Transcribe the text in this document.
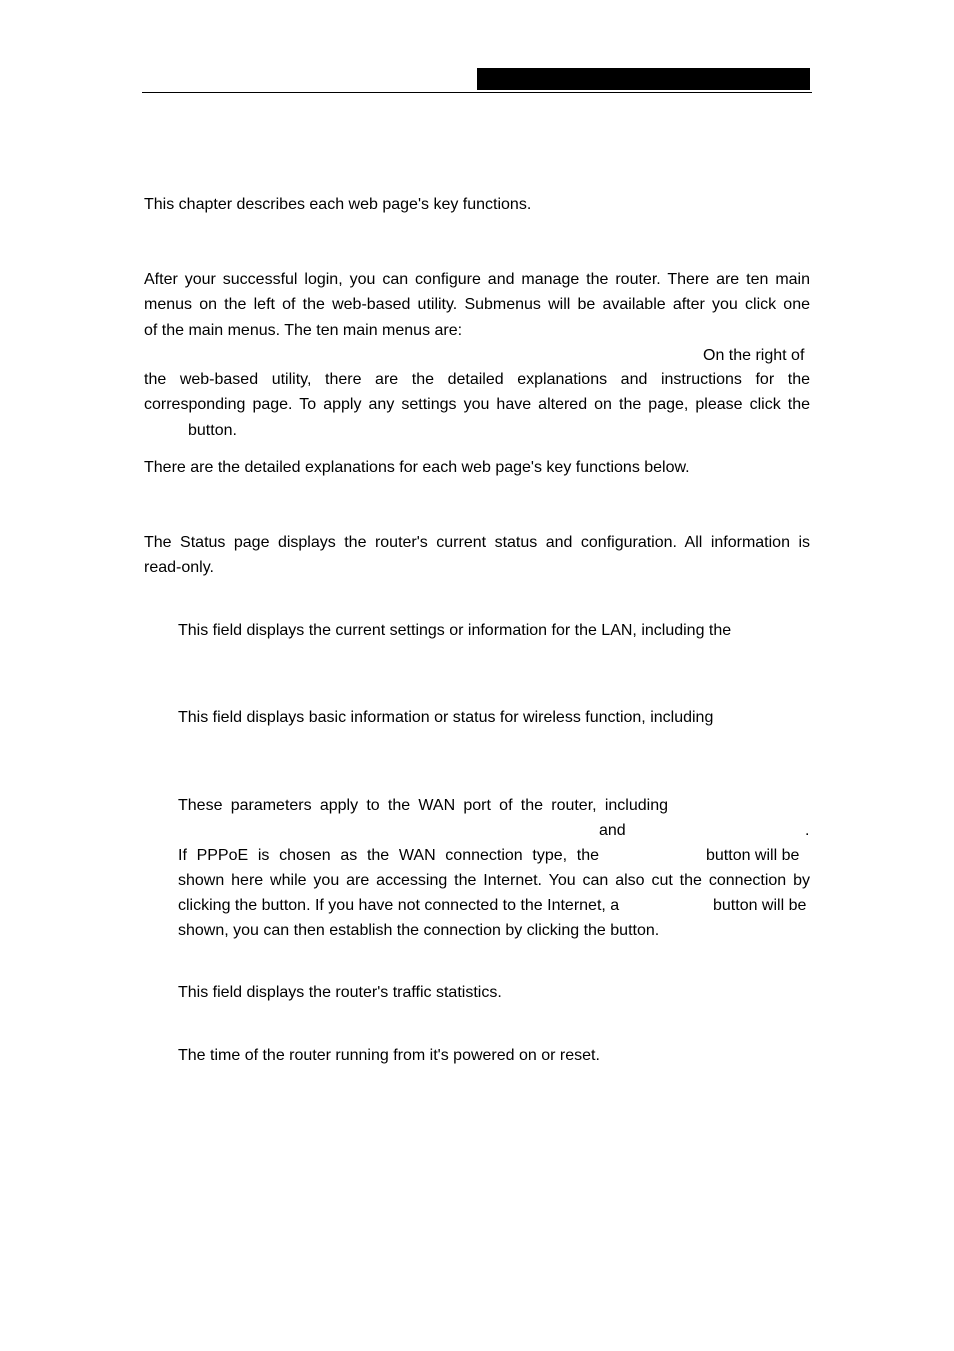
This chapter describes each web page's key functions.
After your successful login, you can configure and manage the router. There are ten main
menus on the left of the web-based utility. Submenus will be available after you click one
of the main menus. The ten main menus are:
On the right of
the web-based utility, there are the detailed explanations and instructions for the
corresponding page. To apply any settings you have altered on the page, please click the
button.
There are the detailed explanations for each web page's key functions below.
The Status page displays the router's current status and configuration. All information is
read-only.
This field displays the current settings or information for the LAN, including the
This field displays basic information or status for wireless function, including
These parameters apply to the WAN port of the router, including
and	.
If PPPoE is chosen as the WAN connection type, the	button will be
shown here while you are accessing the Internet. You can also cut the connection by
clicking the button. If you have not connected to the Internet, a	button will be
shown, you can then establish the connection by clicking the button.
This field displays the router's traffic statistics.
The time of the router running from it's powered on or reset.
